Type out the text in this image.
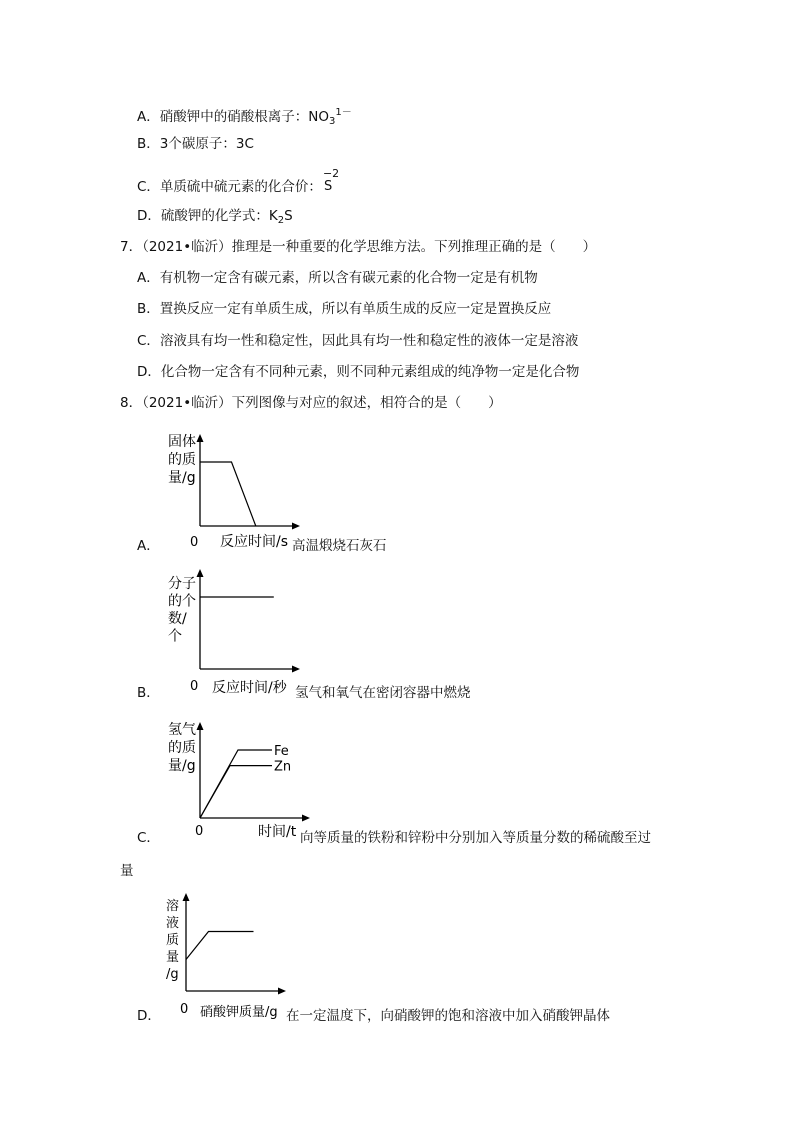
A．硝酸钾中的硝酸根离子：$NO_3^{1-}$
B．3个碳原子：3C
C．单质硫中硫元素的化合价：
−2
S
D．硫酸钾的化学式：$K_2S$
7．（2021•临沂）推理是一种重要的化学思维方法。下列推理正确的是（　　）
A．有机物一定含有碳元素，所以含有碳元素的化合物一定是有机物
B．置换反应一定有单质生成，所以有单质生成的反应一定是置换反应
C．溶液具有均一性和稳定性，因此具有均一性和稳定性的液体一定是溶液
D．化合物一定含有不同种元素，则不同种元素组成的纯净物一定是化合物
8．（2021•临沂）下列图像与对应的叙述，相符合的是（　　）
固体
的质
量/g
反应时间/s
0
A．	高温煅烧石灰石
分子
的个
数/
个
反应时间/秒
0
B．	氢气和氧气在密闭容器中燃烧
氢气
的质
量/g
时间/t
0
Fe
Zn
C．	向等质量的铁粉和锌粉中分别加入等质量分数的稀硫酸至过
量
溶
液
质
量
/g
硝酸钾质量/g
0
D．	在一定温度下，向硝酸钾的饱和溶液中加入硝酸钾晶体
